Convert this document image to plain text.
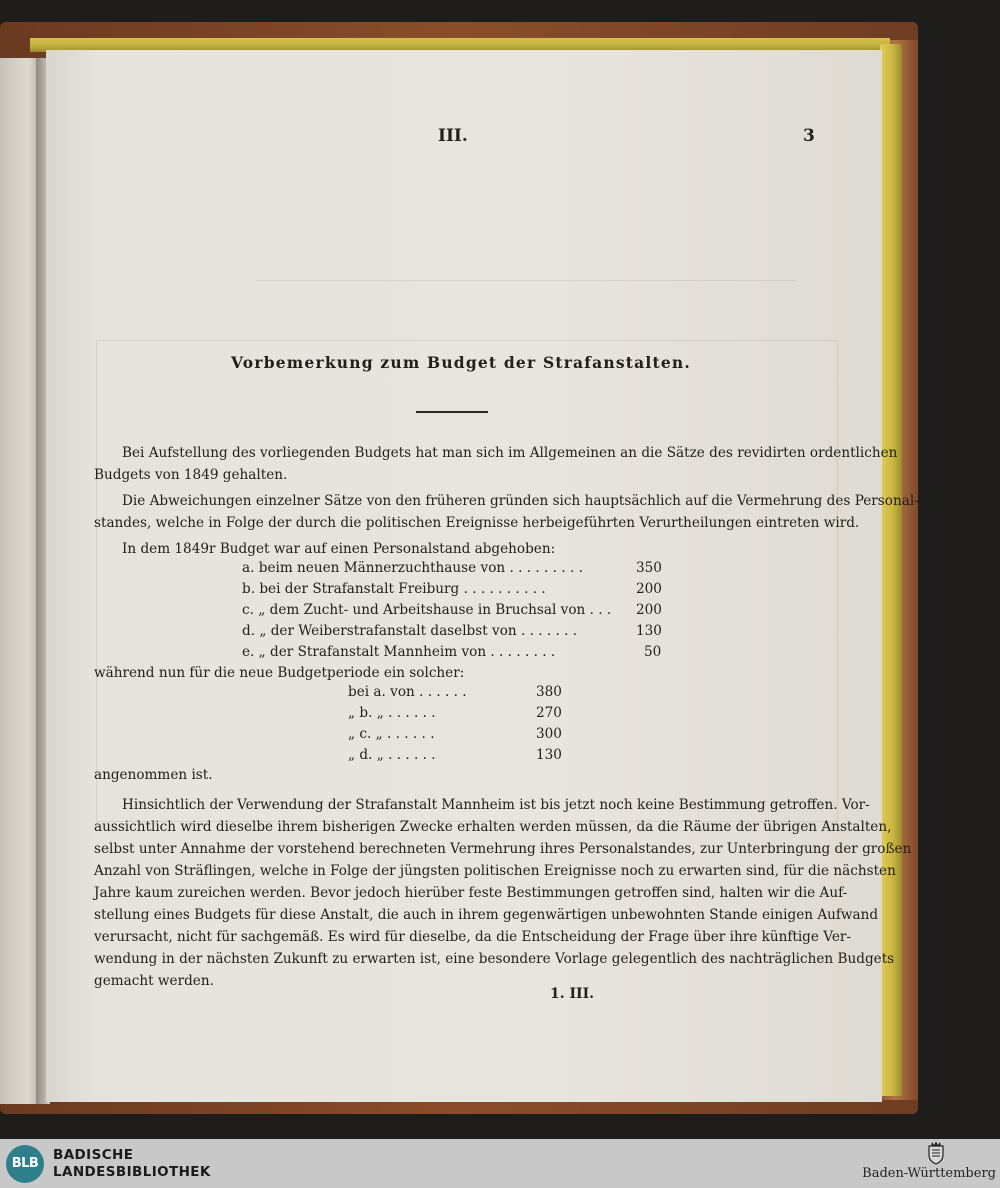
III.	3
Vorbemerkung zum Budget der Strafanstalten.
Bei Aufstellung des vorliegenden Budgets hat man sich im Allgemeinen an die Sätze des revidirten ordentlichen
Budgets von 1849 gehalten.
Die Abweichungen einzelner Sätze von den früheren gründen sich hauptsächlich auf die Vermehrung des Personal-
standes, welche in Folge der durch die politischen Ereignisse herbeigeführten Verurtheilungen eintreten wird.
In dem 1849r Budget war auf einen Personalstand abgehoben:
a. beim neuen Männerzuchthause von . . . . . . . . .	350
b. bei der Strafanstalt Freiburg . . . . . . . . . .	200
c. „ dem Zucht- und Arbeitshause in Bruchsal von . . . 200
d. „ der Weiberstrafanstalt daselbst von . . . . . . .	130
e. „ der Strafanstalt Mannheim von . . . . . . . .	50
während nun für die neue Budgetperiode ein solcher:
bei a. von . . . . . .	380
„ b. „ . . . . . .	270
„ c. „ . . . . . .	300
„ d. „ . . . . . .	130
angenommen ist.
Hinsichtlich der Verwendung der Strafanstalt Mannheim ist bis jetzt noch keine Bestimmung getroffen. Vor-
aussichtlich wird dieselbe ihrem bisherigen Zwecke erhalten werden müssen, da die Räume der übrigen Anstalten,
selbst unter Annahme der vorstehend berechneten Vermehrung ihres Personalstandes, zur Unterbringung der großen
Anzahl von Sträflingen, welche in Folge der jüngsten politischen Ereignisse noch zu erwarten sind, für die nächsten
Jahre kaum zureichen werden. Bevor jedoch hierüber feste Bestimmungen getroffen sind, halten wir die Auf-
stellung eines Budgets für diese Anstalt, die auch in ihrem gegenwärtigen unbewohnten Stande einigen Aufwand
verursacht, nicht für sachgemäß. Es wird für dieselbe, da die Entscheidung der Frage über ihre künftige Ver-
wendung in der nächsten Zukunft zu erwarten ist, eine besondere Vorlage gelegentlich des nachträglichen Budgets
gemacht werden.
1. III.
BLB
BADISCHE
LANDESBIBLIOTHEK	Baden-Württemberg
